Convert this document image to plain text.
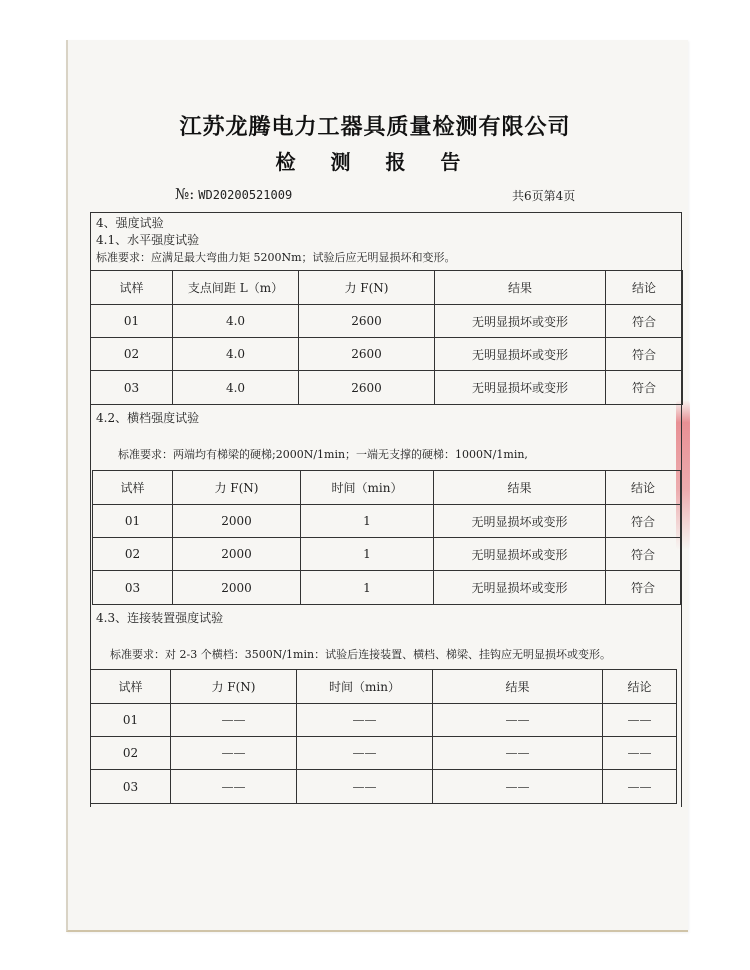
江苏龙腾电力工器具质量检测有限公司
检 测 报 告
№: WD20200521009	共6页第4页
4、强度试验
4.1、水平强度试验
标准要求：应满足最大弯曲力矩 5200Nm；试验后应无明显损坏和变形。
试样	支点间距 L（m）	力 F(N)	结果	结论
01	4.0	2600	无明显损坏或变形	符合
02	4.0	2600	无明显损坏或变形	符合
03	4.0	2600	无明显损坏或变形	符合
4.2、横档强度试验
标准要求：两端均有梯梁的硬梯;2000N/1min；一端无支撑的硬梯：1000N/1min,
试样	力 F(N)	时间（min）	结果	结论
01	2000	1	无明显损坏或变形	符合
02	2000	1	无明显损坏或变形	符合
03	2000	1	无明显损坏或变形	符合
4.3、连接装置强度试验
标准要求：对 2-3 个横档：3500N/1min：试验后连接装置、横档、梯梁、挂钩应无明显损坏或变形。
试样	力 F(N)	时间（min）	结果	结论
01	——	——	——	——
02	——	——	——	——
03	——	——	——	——
